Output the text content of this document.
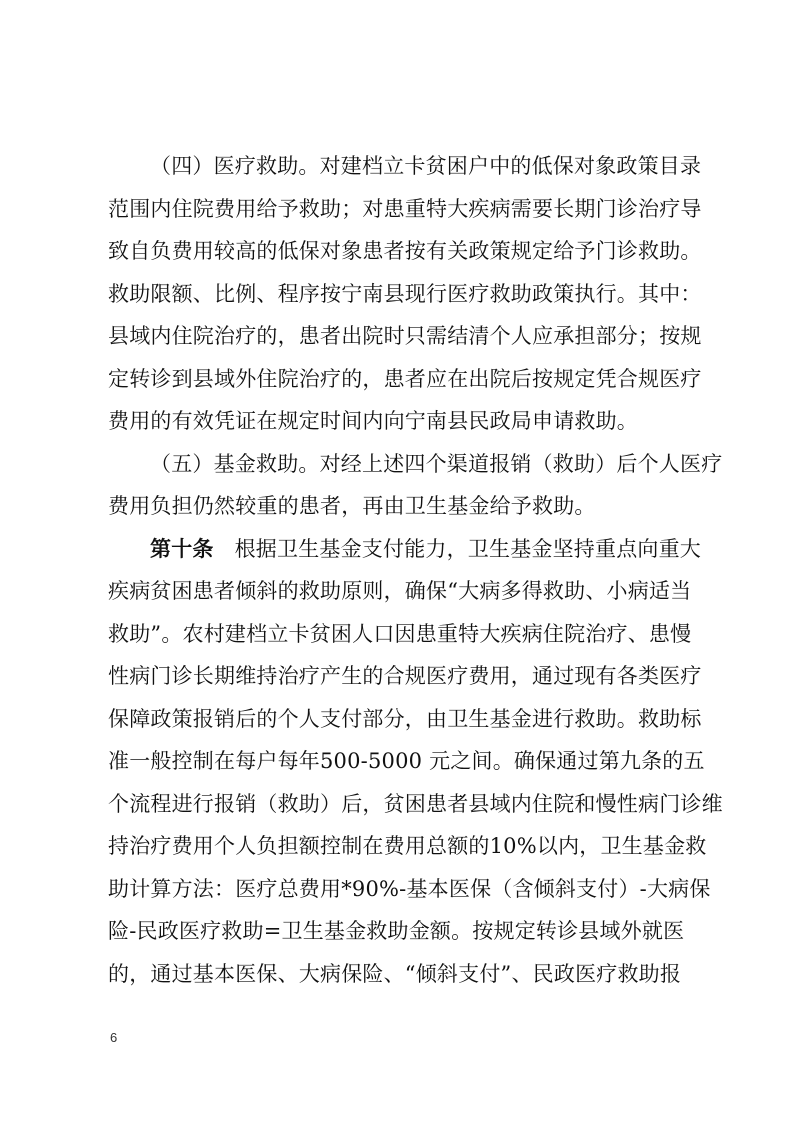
（四）医疗救助。对建档立卡贫困户中的低保对象政策目录
范围内住院费用给予救助；对患重特大疾病需要长期门诊治疗导
致自负费用较高的低保对象患者按有关政策规定给予门诊救助。
救助限额、比例、程序按宁南县现行医疗救助政策执行。其中：
县域内住院治疗的，患者出院时只需结清个人应承担部分；按规
定转诊到县域外住院治疗的，患者应在出院后按规定凭合规医疗
费用的有效凭证在规定时间内向宁南县民政局申请救助。
（五）基金救助。对经上述四个渠道报销（救助）后个人医疗
费用负担仍然较重的患者，再由卫生基金给予救助。
第十条 根据卫生基金支付能力，卫生基金坚持重点向重大
疾病贫困患者倾斜的救助原则，确保“大病多得救助、小病适当
救助”。农村建档立卡贫困人口因患重特大疾病住院治疗、患慢
性病门诊长期维持治疗产生的合规医疗费用，通过现有各类医疗
保障政策报销后的个人支付部分，由卫生基金进行救助。救助标
准一般控制在每户每年500-5000 元之间。确保通过第九条的五
个流程进行报销（救助）后，贫困患者县域内住院和慢性病门诊维
持治疗费用个人负担额控制在费用总额的10%以内，卫生基金救
助计算方法：医疗总费用*90%-基本医保（含倾斜支付）-大病保
险-民政医疗救助=卫生基金救助金额。按规定转诊县域外就医
的，通过基本医保、大病保险、“倾斜支付”、民政医疗救助报
6
